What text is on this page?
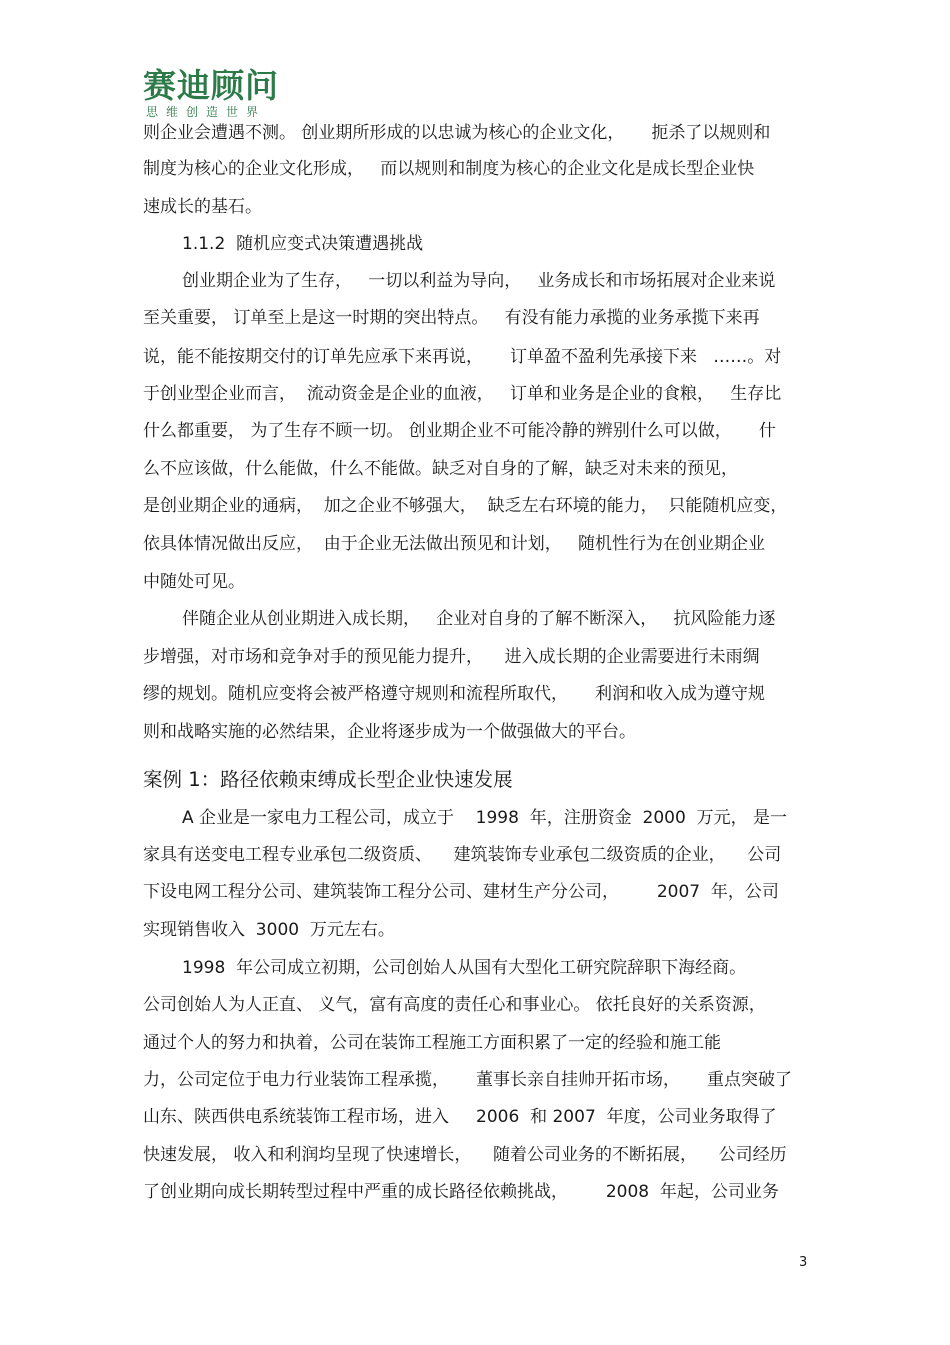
赛迪顾问
思维创造世界
则企业会遭遇不测。 创业期所形成的以忠诚为核心的企业文化，     扼杀了以规则和
制度为核心的企业文化形成，   而以规则和制度为核心的企业文化是成长型企业快
速成长的基石。
1.1.2  随机应变式决策遭遇挑战
创业期企业为了生存，   一切以利益为导向，   业务成长和市场拓展对企业来说
至关重要， 订单至上是这一时期的突出特点。   有没有能力承揽的业务承揽下来再
说，能不能按期交付的订单先应承下来再说，     订单盈不盈利先承接下来   ……。对
于创业型企业而言，  流动资金是企业的血液，   订单和业务是企业的食粮，   生存比
什么都重要， 为了生存不顾一切。 创业期企业不可能冷静的辨别什么可以做，     什
么不应该做，什么能做，什么不能做。缺乏对自身的了解，缺乏对未来的预见，
是创业期企业的通病，  加之企业不够强大，  缺乏左右环境的能力，  只能随机应变，
依具体情况做出反应，  由于企业无法做出预见和计划，   随机性行为在创业期企业
中随处可见。
伴随企业从创业期进入成长期，   企业对自身的了解不断深入，   抗风险能力逐
步增强，对市场和竞争对手的预见能力提升，    进入成长期的企业需要进行未雨绸
缪的规划。随机应变将会被严格遵守规则和流程所取代，     利润和收入成为遵守规
则和战略实施的必然结果，企业将逐步成为一个做强做大的平台。
案例 1：路径依赖束缚成长型企业快速发展
A 企业是一家电力工程公司，成立于    1998  年，注册资金  2000  万元， 是一
家具有送变电工程专业承包二级资质、    建筑装饰专业承包二级资质的企业，    公司
下设电网工程分公司、建筑装饰工程分公司、建材生产分公司，       2007  年，公司
实现销售收入  3000  万元左右。
1998  年公司成立初期，公司创始人从国有大型化工研究院辞职下海经商。
公司创始人为人正直、 义气，富有高度的责任心和事业心。 依托良好的关系资源，
通过个人的努力和执着，公司在装饰工程施工方面积累了一定的经验和施工能
力，公司定位于电力行业装饰工程承揽，     董事长亲自挂帅开拓市场，     重点突破了
山东、陕西供电系统装饰工程市场，进入     2006  和 2007  年度，公司业务取得了
快速发展， 收入和利润均呈现了快速增长，    随着公司业务的不断拓展，    公司经历
了创业期向成长期转型过程中严重的成长路径依赖挑战，       2008  年起，公司业务
3
